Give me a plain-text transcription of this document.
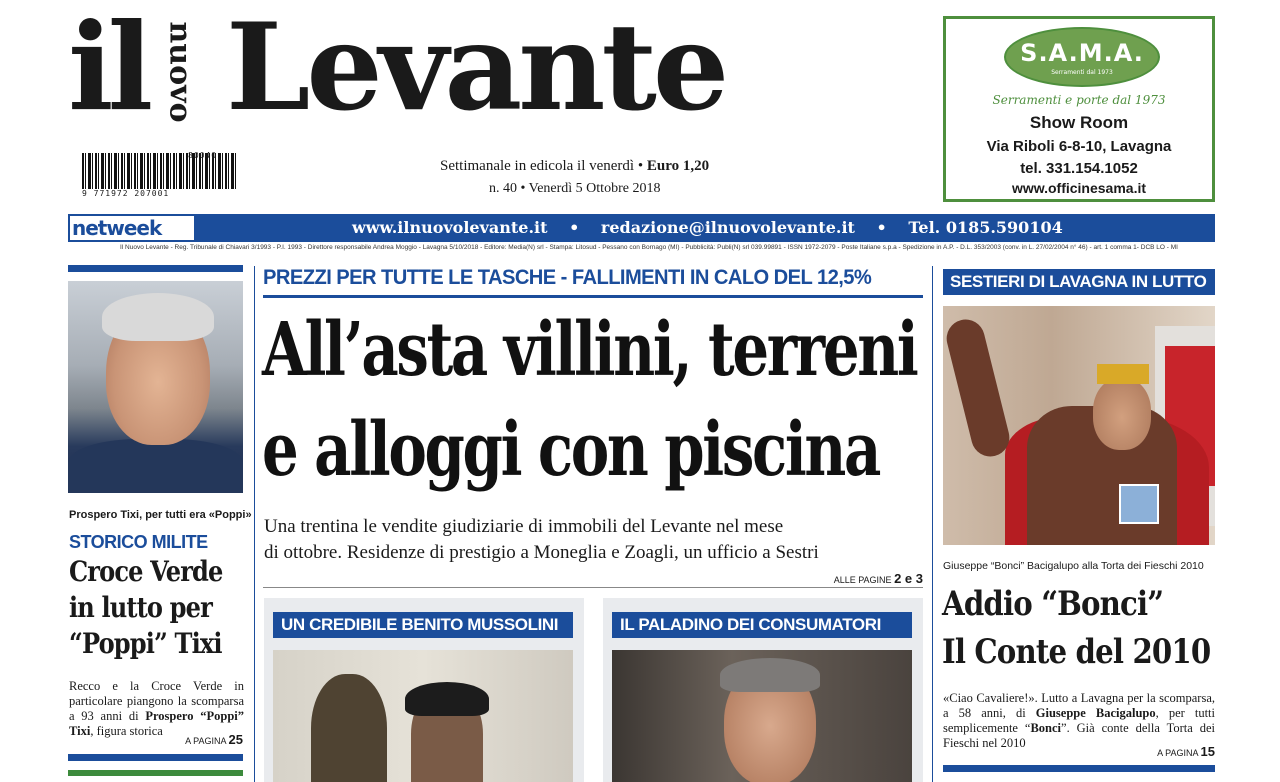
il nuovo Levante
9 771972 207001
80040
Settimanale in edicola il venerdì • Euro 1,20
n. 40 • Venerdì 5 Ottobre 2018
S.A.M.A.
Serramenti dal 1973
Serramenti e porte dal 1973
Show Room
Via Riboli 6-8-10, Lavagna
tel. 331.154.1052
www.officinesama.it
netweek	www.ilnuovolevante.it • redazione@ilnuovolevante.it • Tel. 0185.590104
Il Nuovo Levante - Reg. Tribunale di Chiavari 3/1993 - P.I. 1993 - Direttore responsabile Andrea Moggio - Lavagna 5/10/2018 - Editore: Media(N) srl - Stampa: Litosud - Pessano con Bornago (MI) - Pubblicità: Publi(N) srl 039.99891 - ISSN 1972-2079 - Poste Italiane s.p.a - Spedizione in A.P. - D.L. 353/2003 (conv. in L. 27/02/2004 n° 46) - art. 1 comma 1- DCB LO - MI
Prospero Tixi, per tutti era «Poppi»
STORICO MILITE
Croce Verde
in lutto per
“Poppi” Tixi
Recco e la Croce Verde in particolare piangono la scomparsa a 93 anni di Prospero “Poppi” Tixi, figura storica
A PAGINA 25
PREZZI PER TUTTE LE TASCHE - FALLIMENTI IN CALO DEL 12,5%
All’asta villini, terreni
e alloggi con piscina
Una trentina le vendite giudiziarie di immobili del Levante nel mese
di ottobre. Residenze di prestigio a Moneglia e Zoagli, un ufficio a Sestri
ALLE PAGINE 2 e 3
UN CREDIBILE BENITO MUSSOLINI	IL PALADINO DEI CONSUMATORI
SESTIERI DI LAVAGNA IN LUTTO
Giuseppe “Bonci” Bacigalupo alla Torta dei Fieschi 2010
Addio “Bonci”
Il Conte del 2010
«Ciao Cavaliere!». Lutto a Lavagna per la scomparsa, a 58 anni, di Giuseppe Bacigalupo, per tutti semplicemente “Bonci”. Già conte della Torta dei Fieschi nel 2010
A PAGINA 15
